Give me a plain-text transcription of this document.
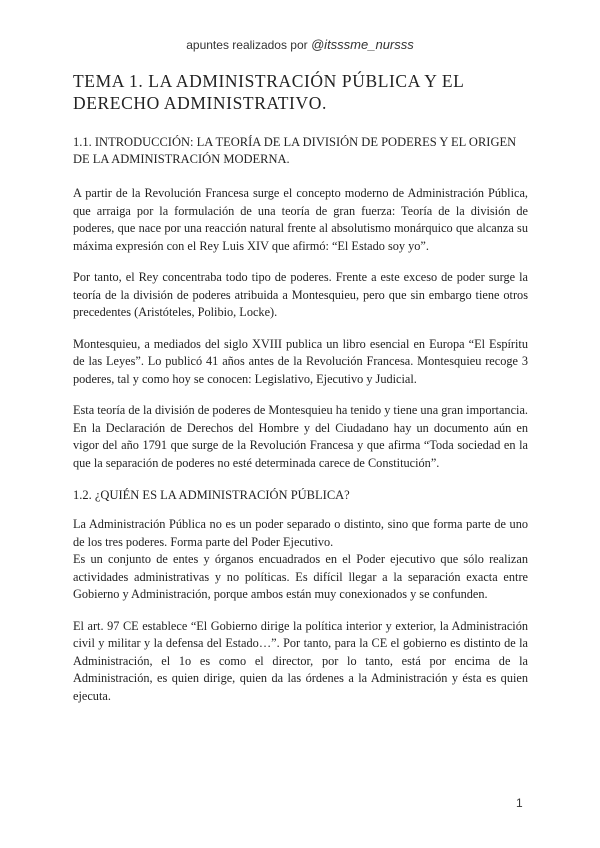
apuntes realizados por @itsssme_nursss
TEMA 1. LA ADMINISTRACIÓN PÚBLICA Y EL DERECHO ADMINISTRATIVO.
1.1. INTRODUCCIÓN: LA TEORÍA DE LA DIVISIÓN DE PODERES Y EL ORIGEN DE LA ADMINISTRACIÓN MODERNA.

A partir de la Revolución Francesa surge el concepto moderno de Administración Pública, que arraiga por la formulación de una teoría de gran fuerza: Teoría de la división de poderes, que nace por una reacción natural frente al absolutismo monárquico que alcanza su máxima expresión con el Rey Luis XIV que afirmó: “El Estado soy yo”.

Por tanto, el Rey concentraba todo tipo de poderes. Frente a este exceso de poder surge la teoría de la división de poderes atribuida a Montesquieu, pero que sin embargo tiene otros precedentes (Aristóteles, Polibio, Locke).

Montesquieu, a mediados del siglo XVIII publica un libro esencial en Europa “El Espíritu de las Leyes”. Lo publicó 41 años antes de la Revolución Francesa. Montesquieu recoge 3 poderes, tal y como hoy se conocen: Legislativo, Ejecutivo y Judicial.

Esta teoría de la división de poderes de Montesquieu ha tenido y tiene una gran importancia. En la Declaración de Derechos del Hombre y del Ciudadano hay un documento aún en vigor del año 1791 que surge de la Revolución Francesa y que afirma “Toda sociedad en la que la separación de poderes no esté determinada carece de Constitución”.

1.2. ¿QUIÉN ES LA ADMINISTRACIÓN PÚBLICA?

La Administración Pública no es un poder separado o distinto, sino que forma parte de uno de los tres poderes. Forma parte del Poder Ejecutivo.

Es un conjunto de entes y órganos encuadrados en el Poder ejecutivo que sólo realizan actividades administrativas y no políticas. Es difícil llegar a la separación exacta entre Gobierno y Administración, porque ambos están muy conexionados y se confunden.

El art. 97 CE establece “El Gobierno dirige la política interior y exterior, la Administración civil y militar y la defensa del Estado…”. Por tanto, para la CE el gobierno es distinto de la Administración, el 1o es como el director, por lo tanto, está por encima de la Administración, es quien dirige, quien da las órdenes a la Administración y ésta es quien ejecuta.

1
